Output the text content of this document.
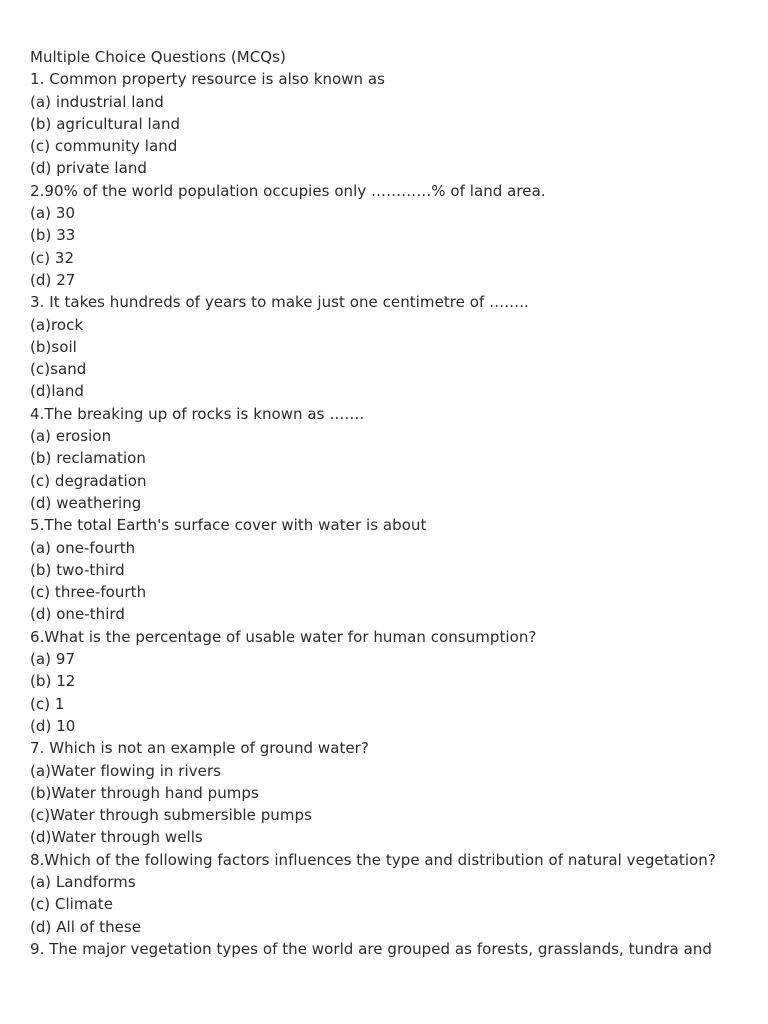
Multiple Choice Questions (MCQs)
1. Common property resource is also known as
(a) industrial land
(b) agricultural land
(c) community land
(d) private land
2.90% of the world population occupies only …………% of land area.
(a) 30
(b) 33
(c) 32
(d) 27
3. It takes hundreds of years to make just one centimetre of ……..
(a)rock
(b)soil
(c)sand
(d)land
4.The breaking up of rocks is known as …….
(a) erosion
(b) reclamation
(c) degradation
(d) weathering
5.The total Earth's surface cover with water is about
(a) one-fourth
(b) two-third
(c) three-fourth
(d) one-third
6.What is the percentage of usable water for human consumption?
(a) 97
(b) 12
(c) 1
(d) 10
7. Which is not an example of ground water?
(a)Water flowing in rivers
(b)Water through hand pumps
(c)Water through submersible pumps
(d)Water through wells
8.Which of the following factors influences the type and distribution of natural vegetation?
(a) Landforms
(c) Climate
(d) All of these
9. The major vegetation types of the world are grouped as forests, grasslands, tundra and
